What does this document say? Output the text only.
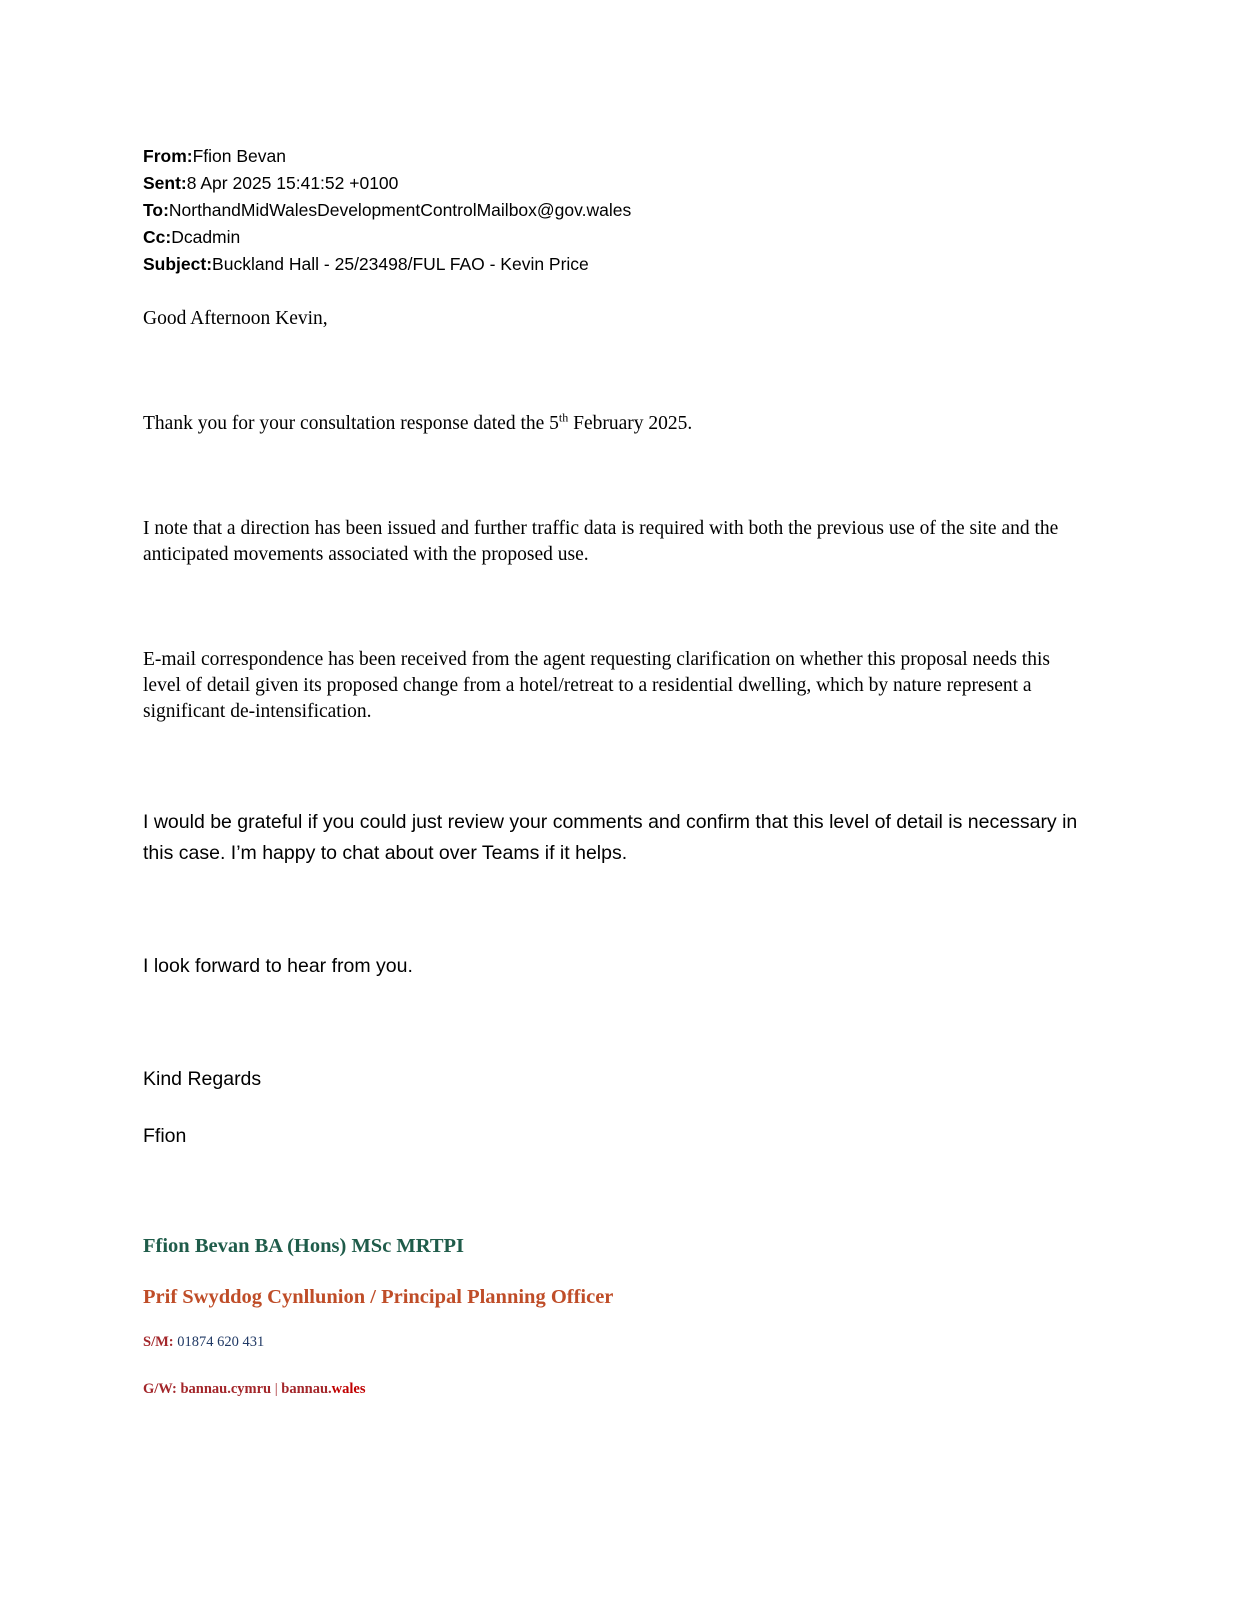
From:Ffion Bevan
Sent:8 Apr 2025 15:41:52 +0100
To:NorthandMidWalesDevelopmentControlMailbox@gov.wales
Cc:Dcadmin
Subject:Buckland Hall - 25/23498/FUL FAO - Kevin Price

Good Afternoon Kevin,

Thank you for your consultation response dated the 5th February 2025.

I note that a direction has been issued and further traffic data is required with both the previous use of the site and the anticipated movements associated with the proposed use.

E-mail correspondence has been received from the agent requesting clarification on whether this proposal needs this level of detail given its proposed change from a hotel/retreat to a residential dwelling, which by nature represent a significant de-intensification.

I would be grateful if you could just review your comments and confirm that this level of detail is necessary in this case. I’m happy to chat about over Teams if it helps.

I look forward to hear from you.

Kind Regards

Ffion

Ffion Bevan BA (Hons) MSc MRTPI

Prif Swyddog Cynllunion / Principal Planning Officer

S/M: 01874 620 431

G/W: bannau.cymru | bannau.wales
